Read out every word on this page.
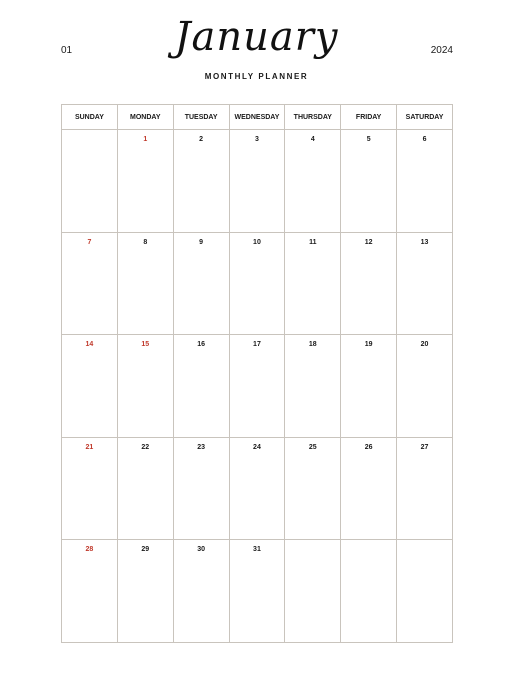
01	January
MONTHLY PLANNER
2024
SUNDAY	MONDAY	TUESDAY	WEDNESDAY	THURSDAY	FRIDAY	SATURDAY

	1	2	3	4	5	6

7	8	9	10	11	12	13

14	15	16	17	18	19	20

21	22	23	24	25	26	27

28	29	30	31			
